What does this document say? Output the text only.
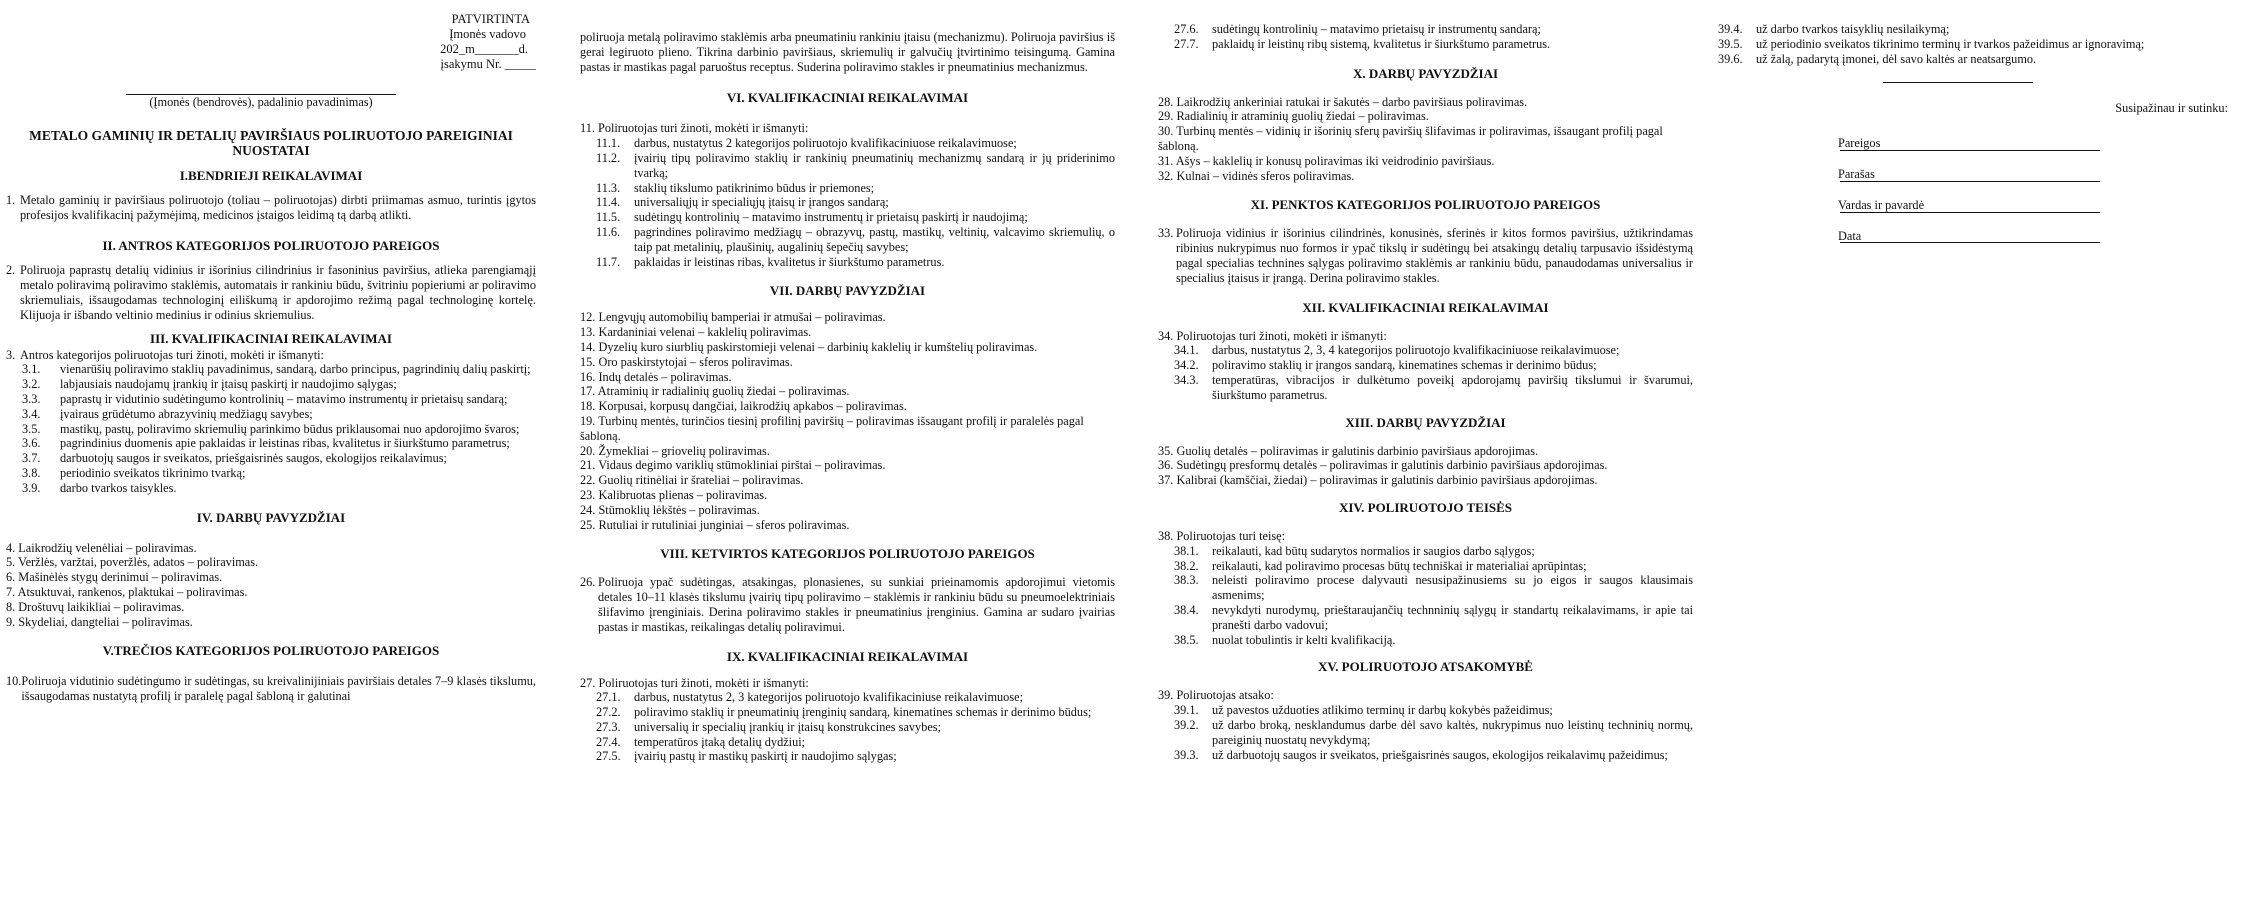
PATVIRTINTA
Įmonės vadovo
202_m_______d.
įsakymu Nr. _____
(Įmonės (bendrovės), padalinio pavadinimas)
METALO GAMINIŲ IR DETALIŲ PAVIRŠIAUS POLIRUOTOJO PAREIGINIAI NUOSTATAI
I.BENDRIEJI REIKALAVIMAI
1. Metalo gaminių ir paviršiaus poliruotojo (toliau – poliruotojas) dirbti priimamas asmuo, turintis įgytos profesijos kvalifikacinį pažymėjimą, medicinos įstaigos leidimą tą darbą atlikti.
II. ANTROS KATEGORIJOS POLIRUOTOJO PAREIGOS
2. Poliruoja paprastų detalių vidinius ir išorinius cilindrinius ir fasoninius paviršius, atlieka parengiamąjį metalo poliravimą poliravimo staklėmis, automatais ir rankiniu būdu, švitriniu popieriumi ar poliravimo skriemuliais, išsaugodamas technologinį eiliškumą ir apdorojimo režimą pagal technologinę kortelę. Klijuoja ir išbando veltinio medinius ir odinius skriemulius.
III. KVALIFIKACINIAI REIKALAVIMAI
3. Antros kategorijos poliruotojas turi žinoti, mokėti ir išmanyti:
3.1.	vienarūšių poliravimo staklių pavadinimus, sandarą, darbo principus, pagrindinių dalių paskirtį;
3.2.	labjausiais naudojamų įrankių ir įtaisų paskirtį ir naudojimo sąlygas;
3.3.	paprastų ir vidutinio sudėtingumo kontrolinių – matavimo instrumentų ir prietaisų sandarą;
3.4.	įvairaus grūdėtumo abrazyvinių medžiagų savybes;
3.5.	mastikų, pastų, poliravimo skriemulių parinkimo būdus priklausomai nuo apdorojimo švaros;
3.6.	pagrindinius duomenis apie paklaidas ir leistinas ribas, kvalitetus ir šiurkštumo parametrus;
3.7.	darbuotojų saugos ir sveikatos, priešgaisrinės saugos, ekologijos reikalavimus;
3.8.	periodinio sveikatos tikrinimo tvarką;
3.9.	darbo tvarkos taisykles.
IV. DARBŲ PAVYZDŽIAI
4. Laikrodžių velenėliai – poliravimas.
5. Veržlės, varžtai, poveržlės, adatos – poliravimas.
6. Mašinėlės stygų derinimui – poliravimas.
7. Atsuktuvai, rankenos, plaktukai – poliravimas.
8. Droštuvų laikikliai – poliravimas.
9. Skydeliai, dangteliai – poliravimas.
V.TREČIOS KATEGORIJOS POLIRUOTOJO PAREIGOS
10. Poliruoja vidutinio sudėtingumo ir sudėtingas, su kreivalinijiniais paviršiais detales 7–9 klasės tikslumu, išsaugodamas nustatytą profilį ir paralelę pagal šabloną ir galutinai
poliruoja metalą poliravimo staklėmis arba pneumatiniu rankiniu įtaisu (mechanizmu). Poliruoja paviršius iš gerai legiruoto plieno. Tikrina darbinio paviršiaus, skriemulių ir galvučių įtvirtinimo teisingumą. Gamina pastas ir mastikas pagal paruoštus receptus. Suderina poliravimo stakles ir pneumatinius mechanizmus.
VI. KVALIFIKACINIAI REIKALAVIMAI
11. Poliruotojas turi žinoti, mokėti ir išmanyti:
11.1.	darbus, nustatytus 2 kategorijos poliruotojo kvalifikaciniuose reikalavimuose;
11.2.	įvairių tipų poliravimo staklių ir rankinių pneumatinių mechanizmų sandarą ir jų priderinimo tvarką;
11.3.	staklių tikslumo patikrinimo būdus ir priemones;
11.4.	universaliųjų ir specialiųjų įtaisų ir įrangos sandarą;
11.5.	sudėtingų kontrolinių – matavimo instrumentų ir prietaisų paskirtį ir naudojimą;
11.6.	pagrindines poliravimo medžiagų – obrazyvų, pastų, mastikų, veltinių, valcavimo skriemulių, o taip pat metalinių, plaušinių, augalinių šepečių savybes;
11.7.	paklaidas ir leistinas ribas, kvalitetus ir šiurkštumo parametrus.
VII. DARBŲ PAVYZDŽIAI
12. Lengvųjų automobilių bamperiai ir atmušai – poliravimas.
13. Kardaniniai velenai – kaklelių poliravimas.
14. Dyzelių kuro siurblių paskirstomieji velenai – darbinių kaklelių ir kumštelių poliravimas.
15. Oro paskirstytojai – sferos poliravimas.
16. Indų detalės – poliravimas.
17. Atraminių ir radialinių guolių žiedai – poliravimas.
18. Korpusai, korpusų dangčiai, laikrodžių apkabos – poliravimas.
19. Turbinų mentės, turinčios tiesinį profilinį paviršių – poliravimas išsaugant profilį ir paralelės pagal šabloną.
20. Žymekliai – griovelių poliravimas.
21. Vidaus degimo variklių stūmokliniai pirštai – poliravimas.
22. Guolių ritinėliai ir šrateliai – poliravimas.
23. Kalibruotas plienas – poliravimas.
24. Stūmoklių lėkštės – poliravimas.
25. Rutuliai ir rutuliniai junginiai – sferos poliravimas.
VIII. KETVIRTOS KATEGORIJOS POLIRUOTOJO PAREIGOS
26. Poliruoja ypač sudėtingas, atsakingas, plonasienes, su sunkiai prieinamomis apdorojimui vietomis detales 10–11 klasės tikslumu įvairių tipų poliravimo – staklėmis ir rankiniu būdu su pneumoelektriniais šlifavimo įrenginiais. Derina poliravimo stakles ir pneumatinius įrenginius. Gamina ar sudaro įvairias pastas ir mastikas, reikalingas detalių poliravimui.
IX. KVALIFIKACINIAI REIKALAVIMAI
27. Poliruotojas turi žinoti, mokėti ir išmanyti:
27.1.	darbus, nustatytus 2, 3 kategorijos poliruotojo kvalifikaciniuse reikalavimuose;
27.2.	poliravimo staklių ir pneumatinių įrenginių sandarą, kinematines schemas ir derinimo būdus;
27.3.	universalių ir specialių įrankių ir įtaisų konstrukcines savybes;
27.4.	temperatūros įtaką detalių dydžiui;
27.5.	įvairių pastų ir mastikų paskirtį ir naudojimo sąlygas;
27.6.	sudėtingų kontrolinių – matavimo prietaisų ir instrumentų sandarą;
27.7.	paklaidų ir leistinų ribų sistemą, kvalitetus ir šiurkštumo parametrus.
X. DARBŲ PAVYZDŽIAI
28. Laikrodžių ankeriniai ratukai ir šakutės – darbo paviršiaus poliravimas.
29. Radialinių ir atraminių guolių žiedai – poliravimas.
30. Turbinų mentės – vidinių ir išorinių sferų paviršių šlifavimas ir poliravimas, išsaugant profilį pagal šabloną.
31. Ašys – kaklelių ir konusų poliravimas iki veidrodinio paviršiaus.
32. Kulnai – vidinės sferos poliravimas.
XI. PENKTOS KATEGORIJOS POLIRUOTOJO PAREIGOS
33. Poliruoja vidinius ir išorinius cilindrinės, konusinės, sferinės ir kitos formos paviršius, užtikrindamas ribinius nukrypimus nuo formos ir ypač tikslų ir sudėtingų bei atsakingų detalių tarpusavio išsidėstymą pagal specialias technines sąlygas poliravimo staklėmis ar rankiniu būdu, panaudodamas universalius ir specialius įtaisus ir įrangą. Derina poliravimo stakles.
XII. KVALIFIKACINIAI REIKALAVIMAI
34. Poliruotojas turi žinoti, mokėti ir išmanyti:
34.1.	darbus, nustatytus 2, 3, 4 kategorijos poliruotojo kvalifikaciniuose reikalavimuose;
34.2.	poliravimo staklių ir įrangos sandarą, kinematines schemas ir derinimo būdus;
34.3.	temperatūras, vibracijos ir dulkėtumo poveikį apdorojamų paviršių tikslumui ir švarumui, šiurkštumo parametrus.
XIII. DARBŲ PAVYZDŽIAI
35. Guolių detalės – poliravimas ir galutinis darbinio paviršiaus apdorojimas.
36. Sudėtingų presformų detalės – poliravimas ir galutinis darbinio paviršiaus apdorojimas.
37. Kalibrai (kamščiai, žiedai) – poliravimas ir galutinis darbinio paviršiaus apdorojimas.
XIV. POLIRUOTOJO TEISĖS
38. Poliruotojas turi teisę:
38.1.	reikalauti, kad būtų sudarytos normalios ir saugios darbo sąlygos;
38.2.	reikalauti, kad poliravimo procesas būtų techniškai ir materialiai aprūpintas;
38.3.	neleisti poliravimo procese dalyvauti nesusipažinusiems su jo eigos ir saugos klausimais asmenims;
38.4.	nevykdyti nurodymų, prieštaraujančių technninių sąlygų ir standartų reikalavimams, ir apie tai pranešti darbo vadovui;
38.5.	nuolat tobulintis ir kelti kvalifikaciją.
XV. POLIRUOTOJO ATSAKOMYBĖ
39. Poliruotojas atsako:
39.1.	už pavestos užduoties atlikimo terminų ir darbų kokybės pažeidimus;
39.2.	už darbo broką, nesklandumus darbe dėl savo kaltės, nukrypimus nuo leistinų techninių normų, pareiginių nuostatų nevykdymą;
39.3.	už darbuotojų saugos ir sveikatos, priešgaisrinės saugos, ekologijos reikalavimų pažeidimus;
39.4.	už darbo tvarkos taisyklių nesilaikymą;
39.5.	už periodinio sveikatos tikrinimo terminų ir tvarkos pažeidimus ar ignoravimą;
39.6.	už žalą, padarytą įmonei, dėl savo kaltės ar neatsargumo.
Susipažinau ir sutinku:
Pareigos
Parašas
Vardas ir pavardė
Data
